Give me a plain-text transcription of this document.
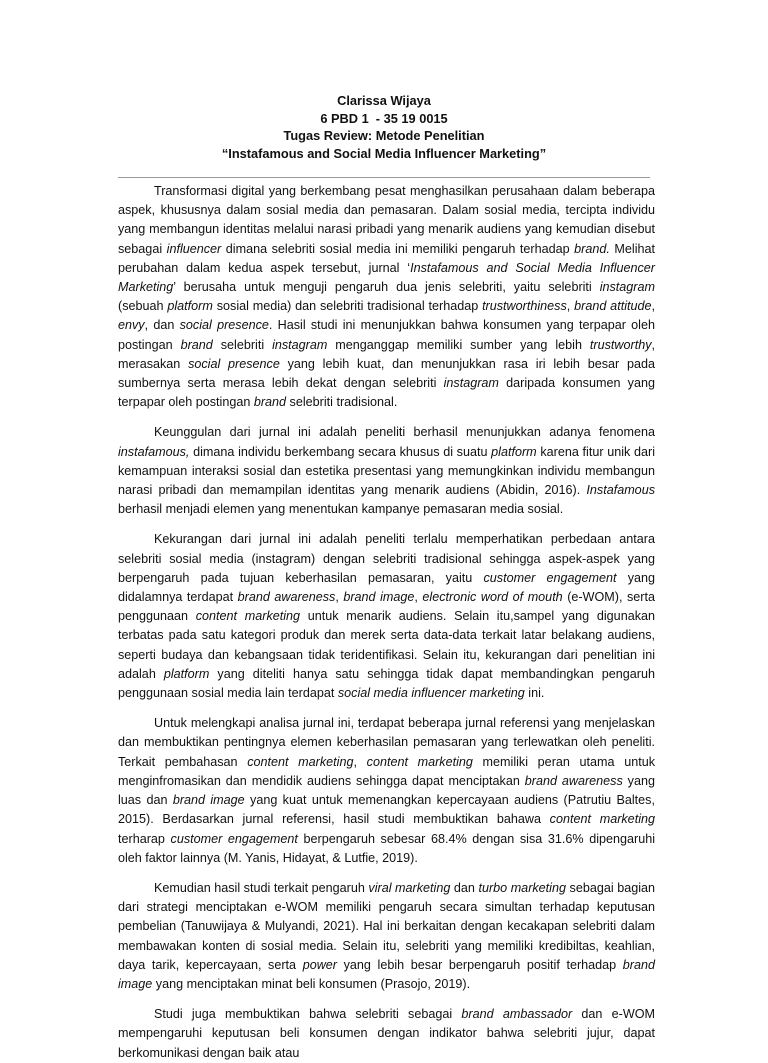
Clarissa Wijaya
6 PBD 1  - 35 19 0015
Tugas Review: Metode Penelitian
“Instafamous and Social Media Influencer Marketing”

Transformasi digital yang berkembang pesat menghasilkan perusahaan dalam beberapa aspek, khususnya dalam sosial media dan pemasaran. Dalam sosial media, tercipta individu yang membangun identitas melalui narasi pribadi yang menarik audiens yang kemudian disebut sebagai influencer dimana selebriti sosial media ini memiliki pengaruh terhadap brand. Melihat perubahan dalam kedua aspek tersebut, jurnal ‘Instafamous and Social Media Influencer Marketing’ berusaha untuk menguji pengaruh dua jenis selebriti, yaitu selebriti instagram (sebuah platform sosial media) dan selebriti tradisional terhadap trustworthiness, brand attitude, envy, dan social presence. Hasil studi ini menunjukkan bahwa konsumen yang terpapar oleh postingan brand selebriti instagram menganggap memiliki sumber yang lebih trustworthy, merasakan social presence yang lebih kuat, dan menunjukkan rasa iri lebih besar pada sumbernya serta merasa lebih dekat dengan selebriti instagram daripada konsumen yang terpapar oleh postingan brand selebriti tradisional.

Keunggulan dari jurnal ini adalah peneliti berhasil menunjukkan adanya fenomena instafamous, dimana individu berkembang secara khusus di suatu platform karena fitur unik dari kemampuan interaksi sosial dan estetika presentasi yang memungkinkan individu membangun narasi pribadi dan memampilan identitas yang menarik audiens (Abidin, 2016). Instafamous berhasil menjadi elemen yang menentukan kampanye pemasaran media sosial.

Kekurangan dari jurnal ini adalah peneliti terlalu memperhatikan perbedaan antara selebriti sosial media (instagram) dengan selebriti tradisional sehingga aspek-aspek yang berpengaruh pada tujuan keberhasilan pemasaran, yaitu customer engagement yang didalamnya terdapat brand awareness, brand image, electronic word of mouth (e-WOM), serta penggunaan content marketing untuk menarik audiens. Selain itu,sampel yang digunakan terbatas pada satu kategori produk dan merek serta data-data terkait latar belakang audiens, seperti budaya dan kebangsaan tidak teridentifikasi. Selain itu, kekurangan dari penelitian ini adalah platform yang diteliti hanya satu sehingga tidak dapat membandingkan pengaruh penggunaan sosial media lain terdapat social media influencer marketing ini.

Untuk melengkapi analisa jurnal ini, terdapat beberapa jurnal referensi yang menjelaskan dan membuktikan pentingnya elemen keberhasilan pemasaran yang terlewatkan oleh peneliti. Terkait pembahasan content marketing, content marketing memiliki peran utama untuk menginfromasikan dan mendidik audiens sehingga dapat menciptakan brand awareness yang luas dan brand image yang kuat untuk memenangkan kepercayaan audiens (Patrutiu Baltes, 2015). Berdasarkan jurnal referensi, hasil studi membuktikan bahawa content marketing terharap customer engagement berpengaruh sebesar 68.4% dengan sisa 31.6% dipengaruhi oleh faktor lainnya (M. Yanis, Hidayat, & Lutfie, 2019).

Kemudian hasil studi terkait pengaruh viral marketing dan turbo marketing sebagai bagian dari strategi menciptakan e-WOM memiliki pengaruh secara simultan terhadap keputusan pembelian (Tanuwijaya & Mulyandi, 2021). Hal ini berkaitan dengan kecakapan selebriti dalam membawakan konten di sosial media. Selain itu, selebriti yang memiliki kredibiltas, keahlian, daya tarik, kepercayaan, serta power yang lebih besar berpengaruh positif terhadap brand image yang menciptakan minat beli konsumen (Prasojo, 2019).

Studi juga membuktikan bahwa selebriti sebagai brand ambassador dan e-WOM mempengaruhi keputusan beli konsumen dengan indikator bahwa selebriti jujur, dapat berkomunikasi dengan baik atau
